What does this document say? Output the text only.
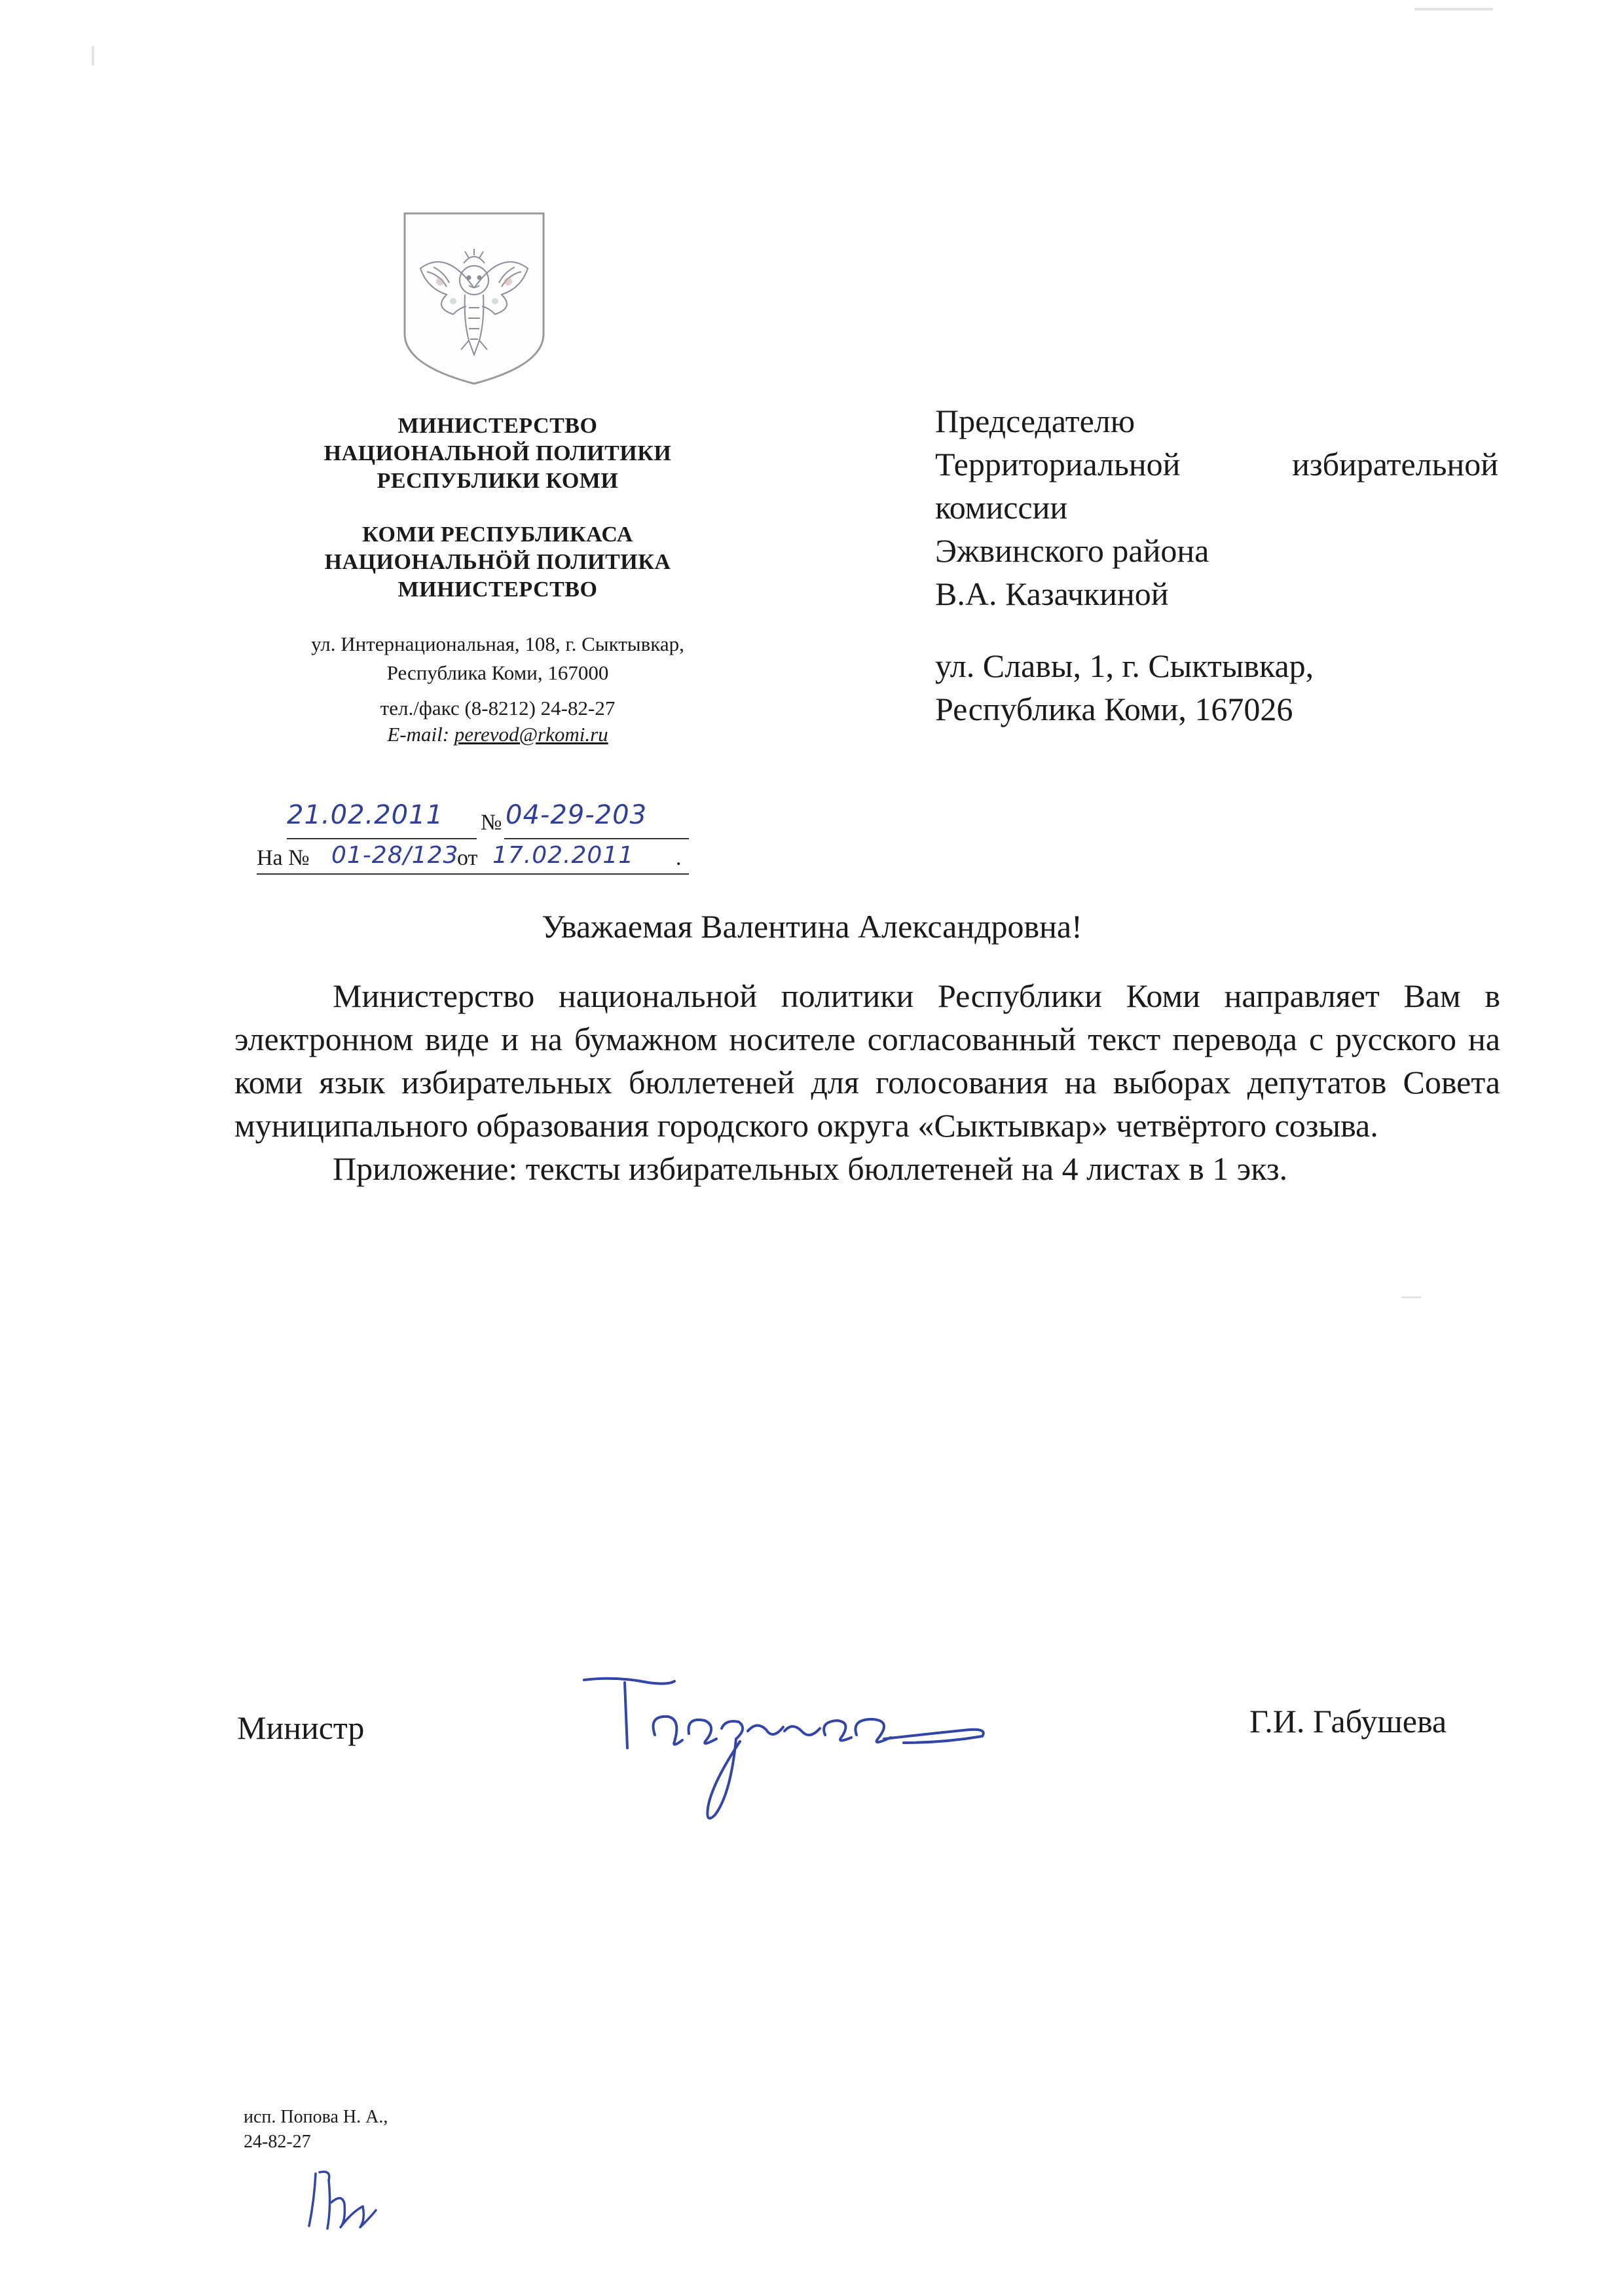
МИНИСТЕРСТВО
НАЦИОНАЛЬНОЙ ПОЛИТИКИ
РЕСПУБЛИКИ КОМИ
КОМИ РЕСПУБЛИКАСА
НАЦИОНАЛЬНÖЙ ПОЛИТИКА
МИНИСТЕРСТВО
ул. Интернациональная, 108, г. Сыктывкар,
Республика Коми, 167000
тел./факс (8-8212) 24-82-27
E-mail: perevod@rkomi.ru
21.02.2011 № 04-29-203
На № 01-28/123
от 17.02.2011 .
Председателю
Территориальной	избирательной
комиссии
Эжвинского района
В.А. Казачкиной
ул. Славы, 1, г. Сыктывкар,
Республика Коми, 167026
Уважаемая Валентина Александровна!

Министерство национальной политики Республики Коми направляет Вам в электронном виде и на бумажном носителе согласованный текст перевода с русского на коми язык избирательных бюллетеней для голосования на выборах депутатов Совета муниципального образования городского округа «Сыктывкар» четвёртого созыва.

Приложение: тексты избирательных бюллетеней на 4 листах в 1 экз.

Министр	Г.И. Габушева
исп. Попова Н. А.,
24-82-27
